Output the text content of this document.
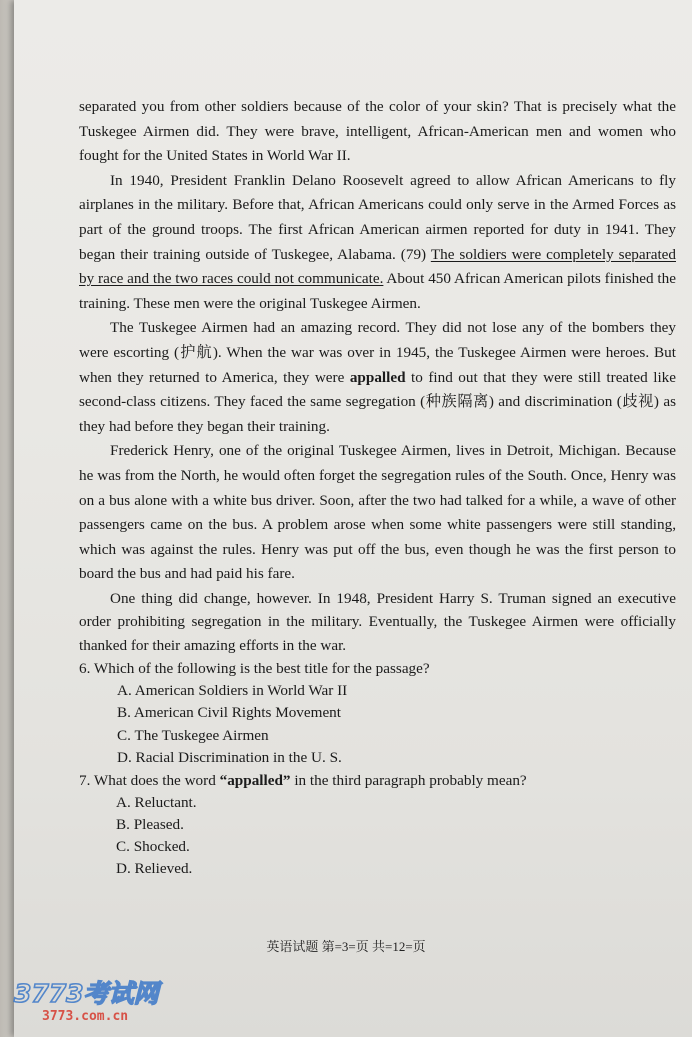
separated you from other soldiers because of the color of your skin? That is precisely what the Tuskegee Airmen did. They were brave, intelligent, African-American men and women who fought for the United States in World War II.

In 1940, President Franklin Delano Roosevelt agreed to allow African Americans to fly airplanes in the military. Before that, African Americans could only serve in the Armed Forces as part of the ground troops. The first African American airmen reported for duty in 1941. They began their training outside of Tuskegee, Alabama. (79) The soldiers were completely separated by race and the two races could not communicate. About 450 African American pilots finished the training. These men were the original Tuskegee Airmen.

The Tuskegee Airmen had an amazing record. They did not lose any of the bombers they were escorting (护航). When the war was over in 1945, the Tuskegee Airmen were heroes. But when they returned to America, they were appalled to find out that they were still treated like second-class citizens. They faced the same segregation (种族隔离) and discrimination (歧视) as they had before they began their training.

Frederick Henry, one of the original Tuskegee Airmen, lives in Detroit, Michigan. Because he was from the North, he would often forget the segregation rules of the South. Once, Henry was on a bus alone with a white bus driver. Soon, after the two had talked for a while, a wave of other passengers came on the bus. A problem arose when some white passengers were still standing, which was against the rules. Henry was put off the bus, even though he was the first person to board the bus and had paid his fare.

One thing did change, however. In 1948, President Harry S. Truman signed an executive order prohibiting segregation in the military. Eventually, the Tuskegee Airmen were officially thanked for their amazing efforts in the war.

6. Which of the following is the best title for the passage?

A. American Soldiers in World War II

B. American Civil Rights Movement

C. The Tuskegee Airmen

D. Racial Discrimination in the U. S.

7. What does the word “appalled” in the third paragraph probably mean?

A. Reluctant.

B. Pleased.

C. Shocked.

D. Relieved.

英语试题 第=3=页 共=12=页
3773考试网
3773.com.cn
